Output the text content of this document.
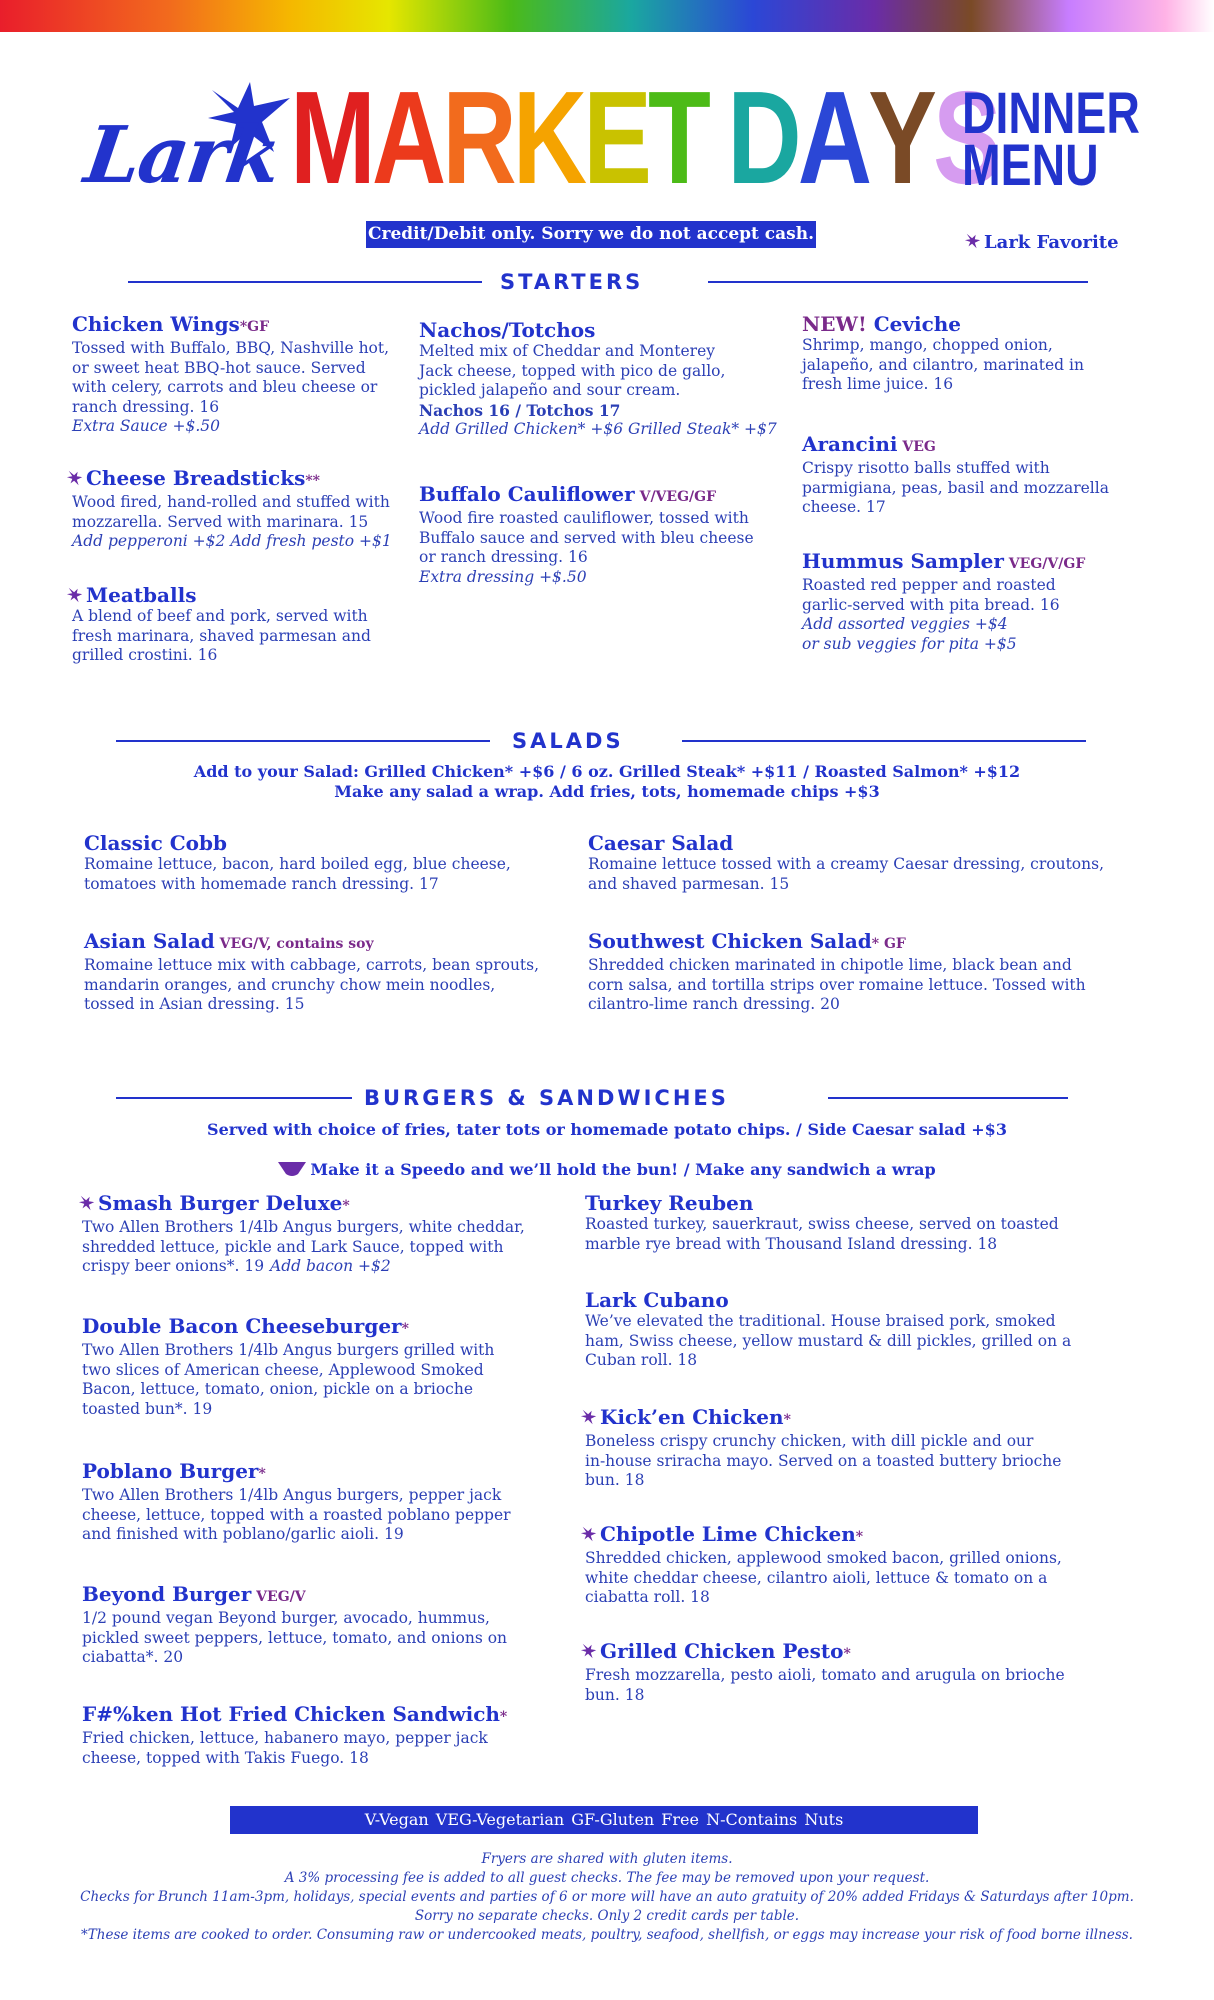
Lark MARKET DAYS
DINNER
MENU
Credit/Debit only. Sorry we do not accept cash.	Lark Favorite
STARTERS
Chicken Wings*GF
Tossed with Buffalo, BBQ, Nashville hot,
or sweet heat BBQ-hot sauce. Served
with celery, carrots and bleu cheese or
ranch dressing. 16
Extra Sauce +$.50
Cheese Breadsticks**
Wood fired, hand-rolled and stuffed with
mozzarella. Served with marinara. 15
Add pepperoni +$2 Add fresh pesto +$1
Meatballs
A blend of beef and pork, served with
fresh marinara, shaved parmesan and
grilled crostini. 16
Nachos/Totchos
Melted mix of Cheddar and Monterey
Jack cheese, topped with pico de gallo,
pickled jalapeño and sour cream.
Nachos 16 / Totchos 17
Add Grilled Chicken* +$6 Grilled Steak* +$7
Buffalo Cauliflower V/VEG/GF
Wood fire roasted cauliflower, tossed with
Buffalo sauce and served with bleu cheese
or ranch dressing. 16
Extra dressing +$.50
NEW! Ceviche
Shrimp, mango, chopped onion,
jalapeño, and cilantro, marinated in
fresh lime juice. 16
Arancini VEG
Crispy risotto balls stuffed with
parmigiana, peas, basil and mozzarella
cheese. 17
Hummus Sampler VEG/V/GF
Roasted red pepper and roasted
garlic-served with pita bread. 16
Add assorted veggies +$4
or sub veggies for pita +$5
SALADS
Add to your Salad: Grilled Chicken* +$6 / 6 oz. Grilled Steak* +$11 / Roasted Salmon* +$12
Make any salad a wrap. Add fries, tots, homemade chips +$3
Classic Cobb
Romaine lettuce, bacon, hard boiled egg, blue cheese,
tomatoes with homemade ranch dressing. 17
Asian Salad VEG/V, contains soy
Romaine lettuce mix with cabbage, carrots, bean sprouts,
mandarin oranges, and crunchy chow mein noodles,
tossed in Asian dressing. 15
Caesar Salad
Romaine lettuce tossed with a creamy Caesar dressing, croutons,
and shaved parmesan. 15
Southwest Chicken Salad* GF
Shredded chicken marinated in chipotle lime, black bean and
corn salsa, and tortilla strips over romaine lettuce. Tossed with
cilantro-lime ranch dressing. 20
BURGERS & SANDWICHES
Served with choice of fries, tater tots or homemade potato chips. / Side Caesar salad +$3

Make it a Speedo and we’ll hold the bun! / Make any sandwich a wrap

Smash Burger Deluxe*
Two Allen Brothers 1/4lb Angus burgers, white cheddar,
shredded lettuce, pickle and Lark Sauce, topped with
crispy beer onions*. 19 Add bacon +$2
Double Bacon Cheeseburger*
Two Allen Brothers 1/4lb Angus burgers grilled with
two slices of American cheese, Applewood Smoked
Bacon, lettuce, tomato, onion, pickle on a brioche
toasted bun*. 19
Poblano Burger*
Two Allen Brothers 1/4lb Angus burgers, pepper jack
cheese, lettuce, topped with a roasted poblano pepper
and finished with poblano/garlic aioli. 19
Beyond Burger VEG/V
1/2 pound vegan Beyond burger, avocado, hummus,
pickled sweet peppers, lettuce, tomato, and onions on
ciabatta*. 20
F#%ken Hot Fried Chicken Sandwich*
Fried chicken, lettuce, habanero mayo, pepper jack
cheese, topped with Takis Fuego. 18
Turkey Reuben
Roasted turkey, sauerkraut, swiss cheese, served on toasted
marble rye bread with Thousand Island dressing. 18
Lark Cubano
We’ve elevated the traditional. House braised pork, smoked
ham, Swiss cheese, yellow mustard & dill pickles, grilled on a
Cuban roll. 18
Kick’en Chicken*
Boneless crispy crunchy chicken, with dill pickle and our
in-house sriracha mayo. Served on a toasted buttery brioche
bun. 18
Chipotle Lime Chicken*
Shredded chicken, applewood smoked bacon, grilled onions,
white cheddar cheese, cilantro aioli, lettuce & tomato on a
ciabatta roll. 18
Grilled Chicken Pesto*
Fresh mozzarella, pesto aioli, tomato and arugula on brioche
bun. 18
V-Vegan VEG-Vegetarian GF-Gluten Free N-Contains Nuts
Fryers are shared with gluten items.
A 3% processing fee is added to all guest checks. The fee may be removed upon your request.
Checks for Brunch 11am-3pm, holidays, special events and parties of 6 or more will have an auto gratuity of 20% added Fridays & Saturdays after 10pm.
Sorry no separate checks. Only 2 credit cards per table.
*These items are cooked to order. Consuming raw or undercooked meats, poultry, seafood, shellfish, or eggs may increase your risk of food borne illness.
